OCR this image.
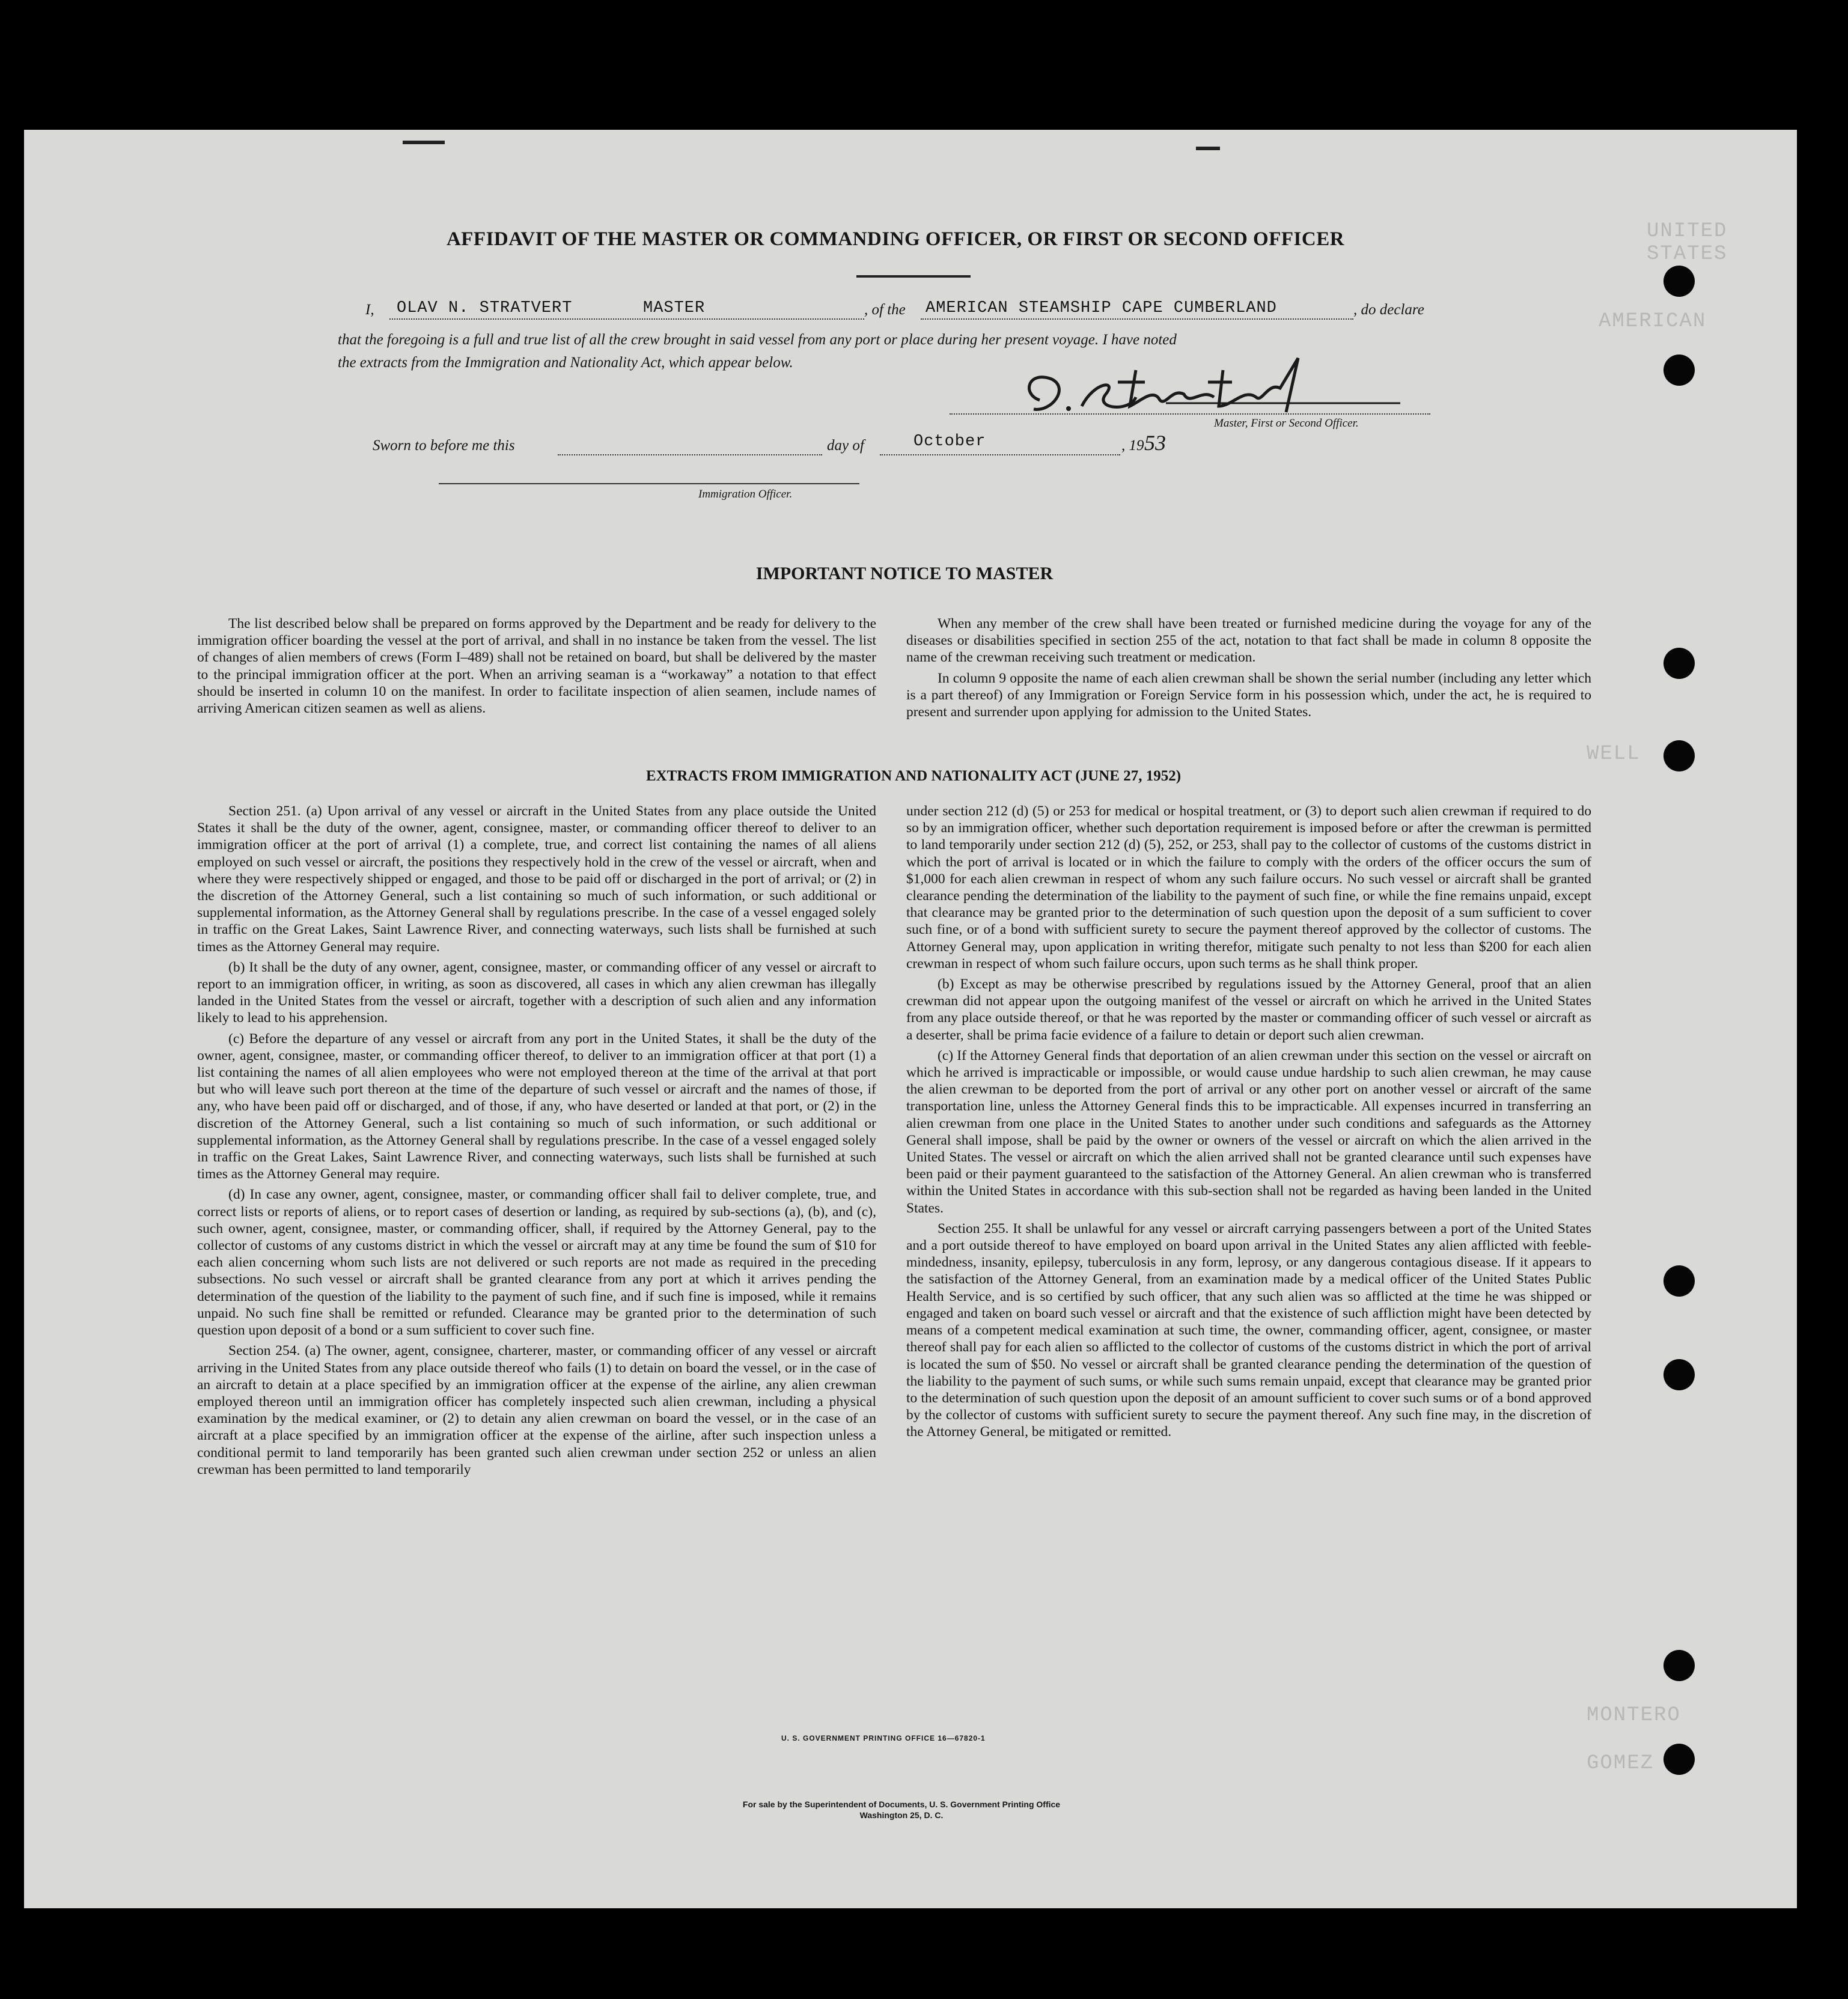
UNITED STATES
AMERICAN
WELL
MONTERO
GOMEZ
AFFIDAVIT OF THE MASTER OR COMMANDING OFFICER, OR FIRST OR SECOND OFFICER
I, OLAV N. STRATVERT	MASTER	, of the AMERICAN STEAMSHIP CAPE CUMBERLAND	, do declare
that the foregoing is a full and true list of all the crew brought in said vessel from any port or place during her present voyage. I have noted
the extracts from the Immigration and Nationality Act, which appear below.
Master, First or Second Officer.
Sworn to before me this	day of	October	, 19 53
Immigration Officer.
IMPORTANT NOTICE TO MASTER

The list described below shall be prepared on forms approved by the Department and be ready for delivery to the immigration officer boarding the vessel at the port of arrival, and shall in no instance be taken from the vessel. The list of changes of alien members of crews (Form I–489) shall not be retained on board, but shall be delivered by the master to the principal immigration officer at the port. When an arriving seaman is a “workaway” a notation to that effect should be inserted in column 10 on the manifest. In order to facilitate inspection of alien seamen, include names of arriving American citizen seamen as well as aliens.

When any member of the crew shall have been treated or furnished medicine during the voyage for any of the diseases or disabilities specified in section 255 of the act, notation to that fact shall be made in column 8 opposite the name of the crewman receiving such treatment or medication.

In column 9 opposite the name of each alien crewman shall be shown the serial number (including any letter which is a part thereof) of any Immigration or Foreign Service form in his possession which, under the act, he is required to present and surrender upon applying for admission to the United States.

EXTRACTS FROM IMMIGRATION AND NATIONALITY ACT (JUNE 27, 1952)

Section 251. (a) Upon arrival of any vessel or aircraft in the United States from any place outside the United States it shall be the duty of the owner, agent, consignee, master, or commanding officer thereof to deliver to an immigration officer at the port of arrival (1) a complete, true, and correct list containing the names of all aliens employed on such vessel or aircraft, the positions they respectively hold in the crew of the vessel or aircraft, when and where they were respectively shipped or engaged, and those to be paid off or discharged in the port of arrival; or (2) in the discretion of the Attorney General, such a list containing so much of such information, or such additional or supplemental information, as the Attorney General shall by regulations prescribe. In the case of a vessel engaged solely in traffic on the Great Lakes, Saint Lawrence River, and connecting waterways, such lists shall be furnished at such times as the Attorney General may require.

(b) It shall be the duty of any owner, agent, consignee, master, or commanding officer of any vessel or aircraft to report to an immigration officer, in writing, as soon as discovered, all cases in which any alien crewman has illegally landed in the United States from the vessel or aircraft, together with a description of such alien and any information likely to lead to his apprehension.

(c) Before the departure of any vessel or aircraft from any port in the United States, it shall be the duty of the owner, agent, consignee, master, or commanding officer thereof, to deliver to an immigration officer at that port (1) a list containing the names of all alien employees who were not employed thereon at the time of the arrival at that port but who will leave such port thereon at the time of the departure of such vessel or aircraft and the names of those, if any, who have been paid off or discharged, and of those, if any, who have deserted or landed at that port, or (2) in the discretion of the Attorney General, such a list containing so much of such information, or such additional or supplemental information, as the Attorney General shall by regulations prescribe. In the case of a vessel engaged solely in traffic on the Great Lakes, Saint Lawrence River, and connecting waterways, such lists shall be furnished at such times as the Attorney General may require.

(d) In case any owner, agent, consignee, master, or commanding officer shall fail to deliver complete, true, and correct lists or reports of aliens, or to report cases of desertion or landing, as required by sub-sections (a), (b), and (c), such owner, agent, consignee, master, or commanding officer, shall, if required by the Attorney General, pay to the collector of customs of any customs district in which the vessel or aircraft may at any time be found the sum of $10 for each alien concerning whom such lists are not delivered or such reports are not made as required in the preceding subsections. No such vessel or aircraft shall be granted clearance from any port at which it arrives pending the determination of the question of the liability to the payment of such fine, and if such fine is imposed, while it remains unpaid. No such fine shall be remitted or refunded. Clearance may be granted prior to the determination of such question upon deposit of a bond or a sum sufficient to cover such fine.

Section 254. (a) The owner, agent, consignee, charterer, master, or commanding officer of any vessel or aircraft arriving in the United States from any place outside thereof who fails (1) to detain on board the vessel, or in the case of an aircraft to detain at a place specified by an immigration officer at the expense of the airline, any alien crewman employed thereon until an immigration officer has completely inspected such alien crewman, including a physical examination by the medical examiner, or (2) to detain any alien crewman on board the vessel, or in the case of an aircraft at a place specified by an immigration officer at the expense of the airline, after such inspection unless a conditional permit to land temporarily has been granted such alien crewman under section 252 or unless an alien crewman has been permitted to land temporarily

under section 212 (d) (5) or 253 for medical or hospital treatment, or (3) to deport such alien crewman if required to do so by an immigration officer, whether such deportation requirement is imposed before or after the crewman is permitted to land temporarily under section 212 (d) (5), 252, or 253, shall pay to the collector of customs of the customs district in which the port of arrival is located or in which the failure to comply with the orders of the officer occurs the sum of $1,000 for each alien crewman in respect of whom any such failure occurs. No such vessel or aircraft shall be granted clearance pending the determination of the liability to the payment of such fine, or while the fine remains unpaid, except that clearance may be granted prior to the determination of such question upon the deposit of a sum sufficient to cover such fine, or of a bond with sufficient surety to secure the payment thereof approved by the collector of customs. The Attorney General may, upon application in writing therefor, mitigate such penalty to not less than $200 for each alien crewman in respect of whom such failure occurs, upon such terms as he shall think proper.

(b) Except as may be otherwise prescribed by regulations issued by the Attorney General, proof that an alien crewman did not appear upon the outgoing manifest of the vessel or aircraft on which he arrived in the United States from any place outside thereof, or that he was reported by the master or commanding officer of such vessel or aircraft as a deserter, shall be prima facie evidence of a failure to detain or deport such alien crewman.

(c) If the Attorney General finds that deportation of an alien crewman under this section on the vessel or aircraft on which he arrived is impracticable or impossible, or would cause undue hardship to such alien crewman, he may cause the alien crewman to be deported from the port of arrival or any other port on another vessel or aircraft of the same transportation line, unless the Attorney General finds this to be impracticable. All expenses incurred in transferring an alien crewman from one place in the United States to another under such conditions and safeguards as the Attorney General shall impose, shall be paid by the owner or owners of the vessel or aircraft on which the alien arrived in the United States. The vessel or aircraft on which the alien arrived shall not be granted clearance until such expenses have been paid or their payment guaranteed to the satisfaction of the Attorney General. An alien crewman who is transferred within the United States in accordance with this sub-section shall not be regarded as having been landed in the United States.

Section 255. It shall be unlawful for any vessel or aircraft carrying passengers between a port of the United States and a port outside thereof to have employed on board upon arrival in the United States any alien afflicted with feeble-mindedness, insanity, epilepsy, tuberculosis in any form, leprosy, or any dangerous contagious disease. If it appears to the satisfaction of the Attorney General, from an examination made by a medical officer of the United States Public Health Service, and is so certified by such officer, that any such alien was so afflicted at the time he was shipped or engaged and taken on board such vessel or aircraft and that the existence of such affliction might have been detected by means of a competent medical examination at such time, the owner, commanding officer, agent, consignee, or master thereof shall pay for each alien so afflicted to the collector of customs of the customs district in which the port of arrival is located the sum of $50. No vessel or aircraft shall be granted clearance pending the determination of the question of the liability to the payment of such sums, or while such sums remain unpaid, except that clearance may be granted prior to the determination of such question upon the deposit of an amount sufficient to cover such sums or of a bond approved by the collector of customs with sufficient surety to secure the payment thereof. Any such fine may, in the discretion of the Attorney General, be mitigated or remitted.

U. S. GOVERNMENT PRINTING OFFICE 16—67820-1
For sale by the Superintendent of Documents, U. S. Government Printing Office
Washington 25, D. C.
